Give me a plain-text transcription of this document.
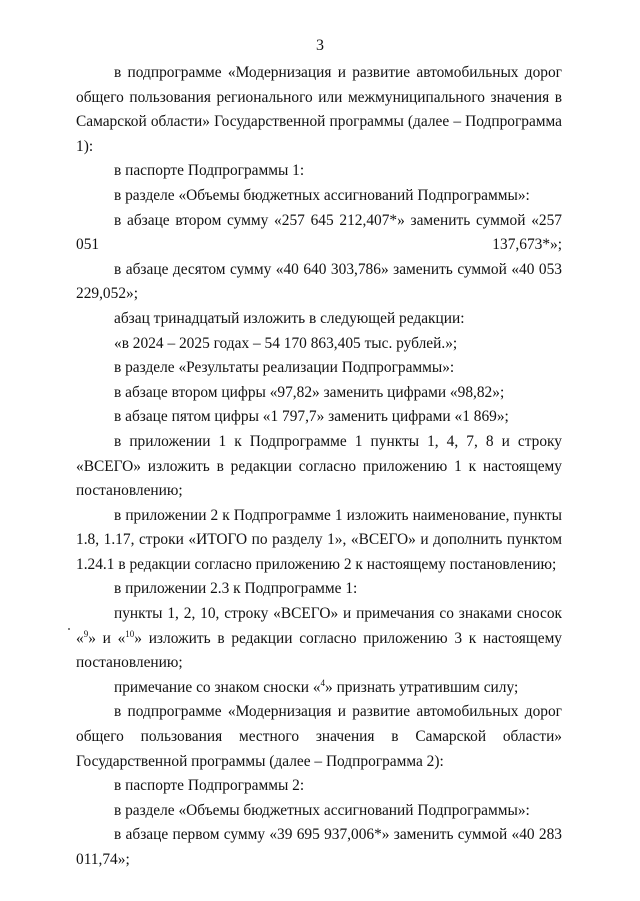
3

в подпрограмме «Модернизация и развитие автомобильных дорог общего пользования регионального или межмуниципального значения в Самарской области» Государственной программы (далее – Подпрограмма 1):

в паспорте Подпрограммы 1:

в разделе «Объемы бюджетных ассигнований Подпрограммы»:

в абзаце втором сумму «257 645 212,407*» заменить суммой «257 051 137,673*»;

в абзаце десятом сумму «40 640 303,786» заменить суммой «40 053 229,052»;

абзац тринадцатый изложить в следующей редакции:

«в 2024 – 2025 годах – 54 170 863,405 тыс. рублей.»;

в разделе «Результаты реализации Подпрограммы»:

в абзаце втором цифры «97,82» заменить цифрами «98,82»;

в абзаце пятом цифры «1 797,7» заменить цифрами «1 869»;

в приложении 1 к Подпрограмме 1 пункты 1, 4, 7, 8 и строку «ВСЕГО» изложить в редакции согласно приложению 1 к настоящему постановлению;

в приложении 2 к Подпрограмме 1 изложить наименование, пункты 1.8, 1.17, строки «ИТОГО по разделу 1», «ВСЕГО» и дополнить пунктом 1.24.1 в редакции согласно приложению 2 к настоящему постановлению;

в приложении 2.3 к Подпрограмме 1:

пункты 1, 2, 10, строку «ВСЕГО» и примечания со знаками сносок «$^9$» и «$^{10}$» изложить в редакции согласно приложению 3 к настоящему постановлению;

примечание со знаком сноски «$^4$» признать утратившим силу;

в подпрограмме «Модернизация и развитие автомобильных дорог общего пользования местного значения в Самарской области» Государственной программы (далее – Подпрограмма 2):

в паспорте Подпрограммы 2:

в разделе «Объемы бюджетных ассигнований Подпрограммы»:

в абзаце первом сумму «39 695 937,006*» заменить суммой «40 283 011,74»;
